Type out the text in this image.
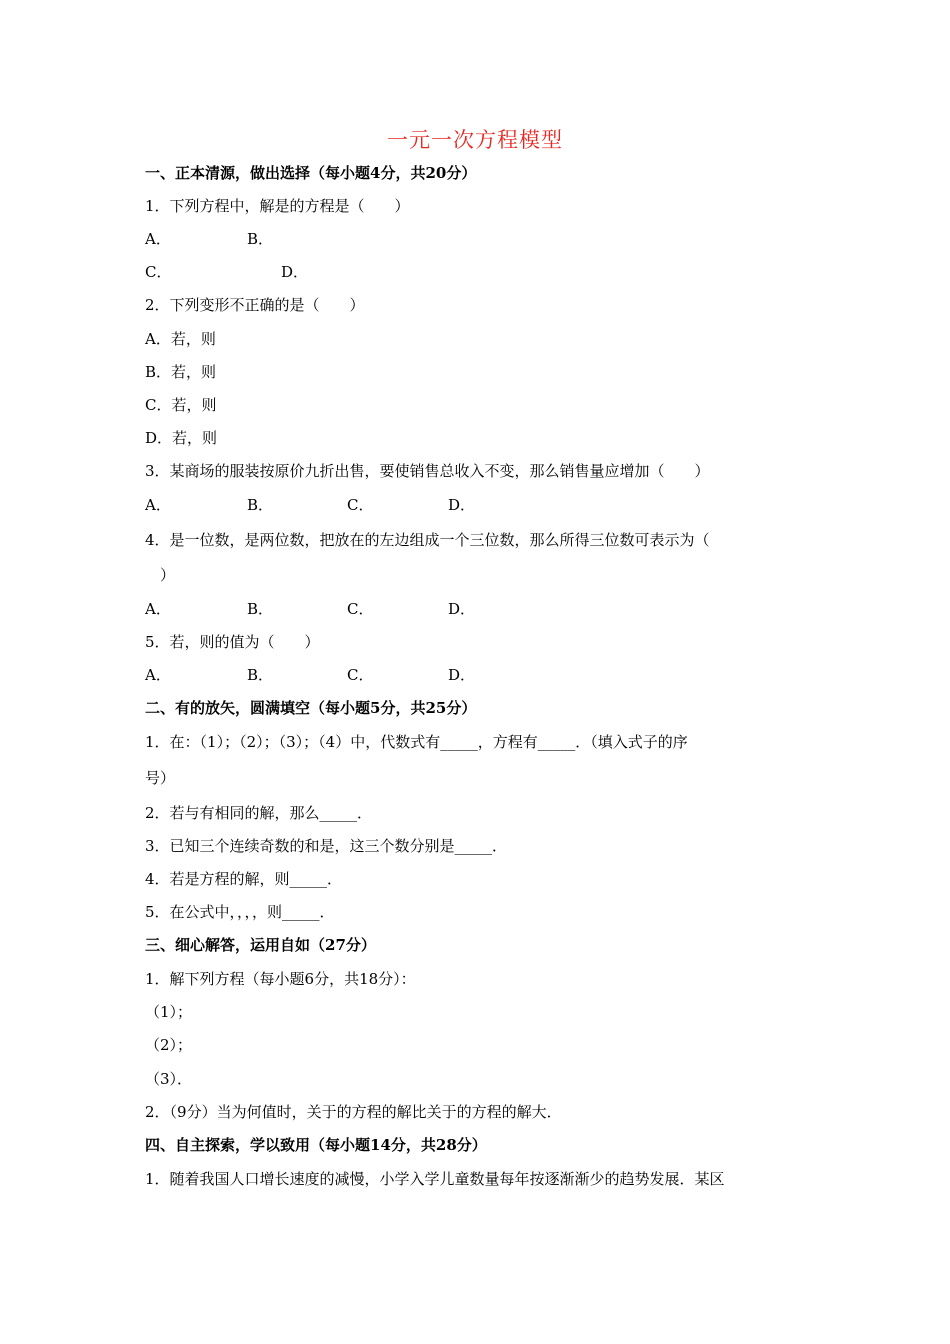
一元一次方程模型
一、正本清源，做出选择（每小题4分，共20分）
1．下列方程中，解是的方程是（　　）
A．	B．
C．	D．
2．下列变形不正确的是（　　）
A．若，则
B．若，则
C．若，则
D．若，则
3．某商场的服装按原价九折出售，要使销售总收入不变，那么销售量应增加（　　）
A．	B．	C．	D．
4．是一位数，是两位数，把放在的左边组成一个三位数，那么所得三位数可表示为（
）
A．	B．	C．	D．
5．若，则的值为（　　）
A．	B．	C．	D．
二、有的放矢，圆满填空（每小题5分，共25分）
1．在：（1）；（2）；（3）；（4）中，代数式有_____，方程有_____．（填入式子的序
号）
2．若与有相同的解，那么_____．
3．已知三个连续奇数的和是，这三个数分别是_____．
4．若是方程的解，则_____．
5．在公式中，，，，则_____．
三、细心解答，运用自如（27分）
1．解下列方程（每小题6分，共18分）：
（1）；
（2）；
（3）．
2．（9分）当为何值时，关于的方程的解比关于的方程的解大．
四、自主探索，学以致用（每小题14分，共28分）
1．随着我国人口增长速度的减慢，小学入学儿童数量每年按逐渐渐少的趋势发展．某区
